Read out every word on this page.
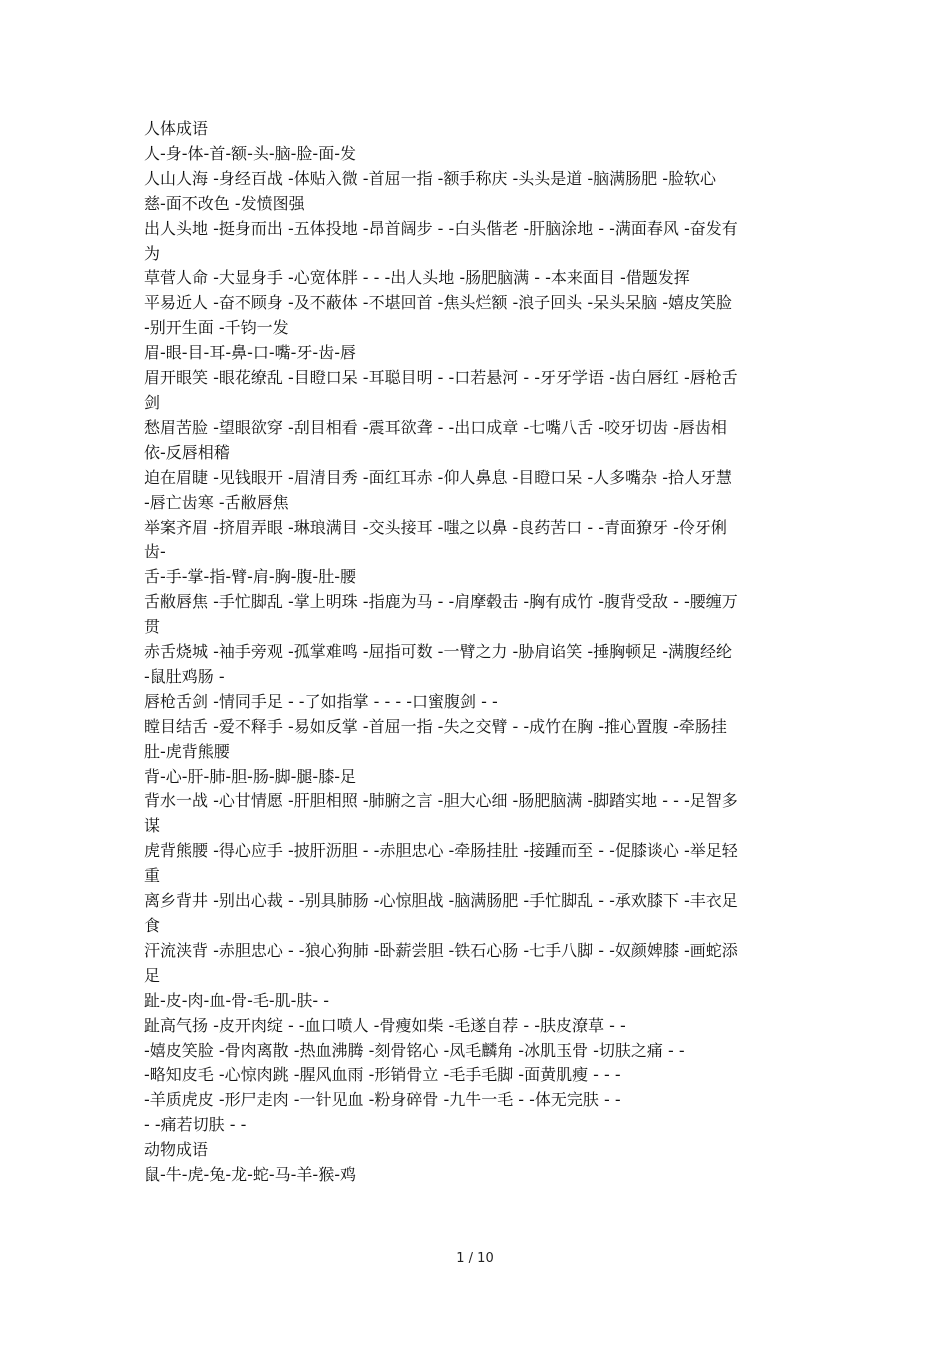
人体成语
人-身-体-首-额-头-脑-脸-面-发
人山人海 -身经百战 -体贴入微 -首屈一指 -额手称庆 -头头是道 -脑满肠肥 -脸软心
慈-面不改色 -发愤图强
出人头地 -挺身而出 -五体投地 -昂首阔步 - -白头偕老 -肝脑涂地 - -满面春风 -奋发有
为
草菅人命 -大显身手 -心宽体胖 - - -出人头地 -肠肥脑满 - -本来面目 -借题发挥
平易近人 -奋不顾身 -及不蔽体 -不堪回首 -焦头烂额 -浪子回头 -呆头呆脑 -嬉皮笑脸
-别开生面 -千钧一发
眉-眼-目-耳-鼻-口-嘴-牙-齿-唇
眉开眼笑 -眼花缭乱 -目瞪口呆 -耳聪目明 - -口若悬河 - -牙牙学语 -齿白唇红 -唇枪舌
剑
愁眉苦脸 -望眼欲穿 -刮目相看 -震耳欲聋 - -出口成章 -七嘴八舌 -咬牙切齿 -唇齿相
依-反唇相稽
迫在眉睫 -见钱眼开 -眉清目秀 -面红耳赤 -仰人鼻息 -目瞪口呆 -人多嘴杂 -拾人牙慧
-唇亡齿寒 -舌敝唇焦
举案齐眉 -挤眉弄眼 -琳琅满目 -交头接耳 -嗤之以鼻 -良药苦口 - -青面獠牙 -伶牙俐
齿-
舌-手-掌-指-臂-肩-胸-腹-肚-腰
舌敝唇焦 -手忙脚乱 -掌上明珠 -指鹿为马 - -肩摩毂击 -胸有成竹 -腹背受敌 - -腰缠万
贯
赤舌烧城 -袖手旁观 -孤掌难鸣 -屈指可数 -一臂之力 -胁肩谄笑 -捶胸顿足 -满腹经纶
-鼠肚鸡肠 -
唇枪舌剑 -情同手足 - -了如指掌 - - - -口蜜腹剑 - -
瞠目结舌 -爱不释手 -易如反掌 -首屈一指 -失之交臂 - -成竹在胸 -推心置腹 -牵肠挂
肚-虎背熊腰
背-心-肝-肺-胆-肠-脚-腿-膝-足
背水一战 -心甘情愿 -肝胆相照 -肺腑之言 -胆大心细 -肠肥脑满 -脚踏实地 - - -足智多
谋
虎背熊腰 -得心应手 -披肝沥胆 - -赤胆忠心 -牵肠挂肚 -接踵而至 - -促膝谈心 -举足轻
重
离乡背井 -别出心裁 - -别具肺肠 -心惊胆战 -脑满肠肥 -手忙脚乱 - -承欢膝下 -丰衣足
食
汗流浃背 -赤胆忠心 - -狼心狗肺 -卧薪尝胆 -铁石心肠 -七手八脚 - -奴颜婢膝 -画蛇添
足
趾-皮-肉-血-骨-毛-肌-肤- -
趾高气扬 -皮开肉绽 - -血口喷人 -骨瘦如柴 -毛遂自荐 - -肤皮潦草 - -
-嬉皮笑脸 -骨肉离散 -热血沸腾 -刻骨铭心 -凤毛麟角 -冰肌玉骨 -切肤之痛 - -
-略知皮毛 -心惊肉跳 -腥风血雨 -形销骨立 -毛手毛脚 -面黄肌瘦 - - -
-羊质虎皮 -形尸走肉 -一针见血 -粉身碎骨 -九牛一毛 - -体无完肤 - -
- -痛若切肤 - -
动物成语
鼠-牛-虎-兔-龙-蛇-马-羊-猴-鸡
1 / 10
